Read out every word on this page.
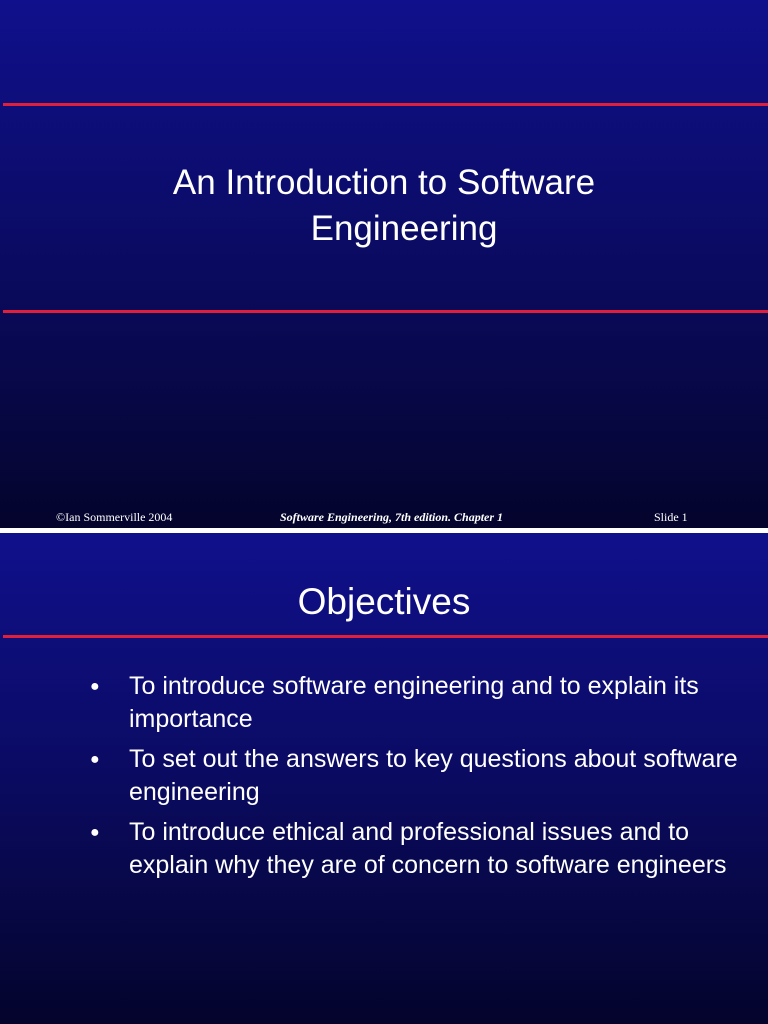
An Introduction to Software
Engineering
©Ian Sommerville 2004	Software Engineering, 7th edition. Chapter 1	Slide 1
Objectives
● To introduce software engineering and to explain its importance
● To set out the answers to key questions about software engineering
● To introduce ethical and professional issues and to explain why they are of concern to software engineers
